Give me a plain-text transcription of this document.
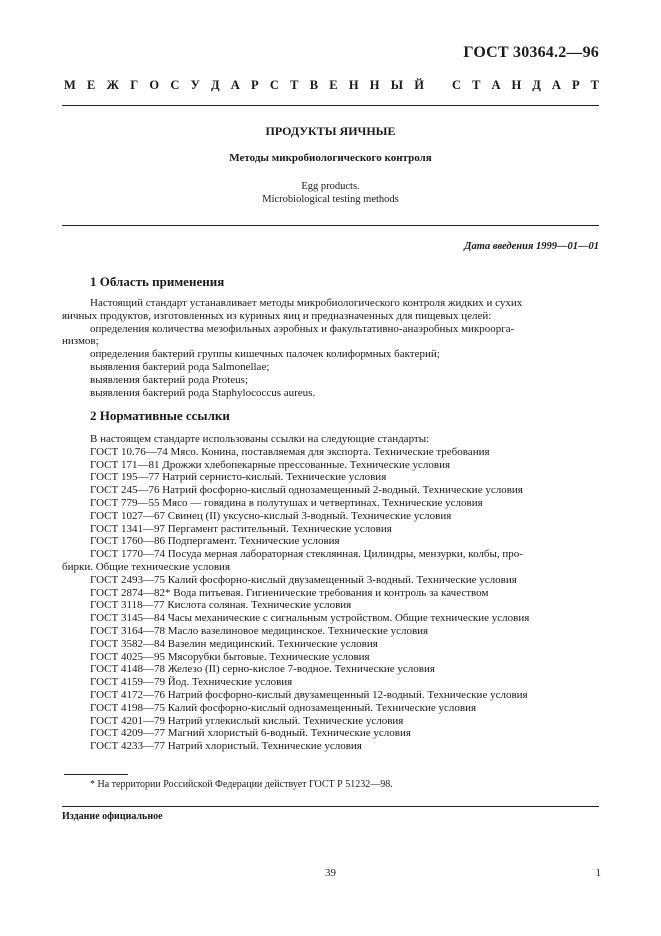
ГОСТ 30364.2—96
М Е Ж Г О С У Д А Р С Т В Е Н Н Ы Й С Т А Н Д А Р Т
ПРОДУКТЫ ЯИЧНЫЕ
Методы микробиологического контроля
Egg products.
Microbiological testing methods
Дата введения 1999—01—01
1 Область применения
Настоящий стандарт устанавливает методы микробиологического контроля жидких и сухих
яичных продуктов, изготовленных из куриных яиц и предназначенных для пищевых целей:
определения количества мезофильных аэробных и факультативно-анаэробных микроорга-
низмов;
определения бактерий группы кишечных палочек колиформных бактерий;
выявления бактерий рода Salmonellae;
выявления бактерий рода Proteus;
выявления бактерий рода Staphylococcus aureus.
2 Нормативные ссылки
В настоящем стандарте использованы ссылки на следующие стандарты:
ГОСТ 10.76—74 Мясо. Конина, поставляемая для экспорта. Технические требования
ГОСТ 171—81 Дрожжи хлебопекарные прессованные. Технические условия
ГОСТ 195—77 Натрий сернисто-кислый. Технические условия
ГОСТ 245—76 Натрий фосфорно-кислый однозамещенный 2-водный. Технические условия
ГОСТ 779—55 Мясо — говядина в полутушах и четвертинах. Технические условия
ГОСТ 1027—67 Свинец (II) уксусно-кислый 3-водный. Технические условия
ГОСТ 1341—97 Пергамент растительный. Технические условия
ГОСТ 1760—86 Подпергамент. Технические условия
ГОСТ 1770—74 Посуда мерная лабораторная стеклянная. Цилиндры, мензурки, колбы, про-
бирки. Общие технические условия
ГОСТ 2493—75 Калий фосфорно-кислый двузамещенный 3-водный. Технические условия
ГОСТ 2874—82* Вода питьевая. Гигиенические требования и контроль за качеством
ГОСТ 3118—77 Кислота соляная. Технические условия
ГОСТ 3145—84 Часы механические с сигнальным устройством. Общие технические условия
ГОСТ 3164—78 Масло вазелиновое медицинское. Технические условия
ГОСТ 3582—84 Вазелин медицинский. Технические условия
ГОСТ 4025—95 Мясорубки бытовые. Технические условия
ГОСТ 4148—78 Железо (II) серно-кислое 7-водное. Технические условия
ГОСТ 4159—79 Йод. Технические условия
ГОСТ 4172—76 Натрий фосфорно-кислый двузамещенный 12-водный. Технические условия
ГОСТ 4198—75 Калий фосфорно-кислый однозамещенный. Технические условия
ГОСТ 4201—79 Натрий углекислый кислый. Технические условия
ГОСТ 4209—77 Магний хлористый 6-водный. Технические условия
ГОСТ 4233—77 Натрий хлористый. Технические условия
* На территории Российской Федерации действует ГОСТ Р 51232—98.
Издание официальное
39	1
